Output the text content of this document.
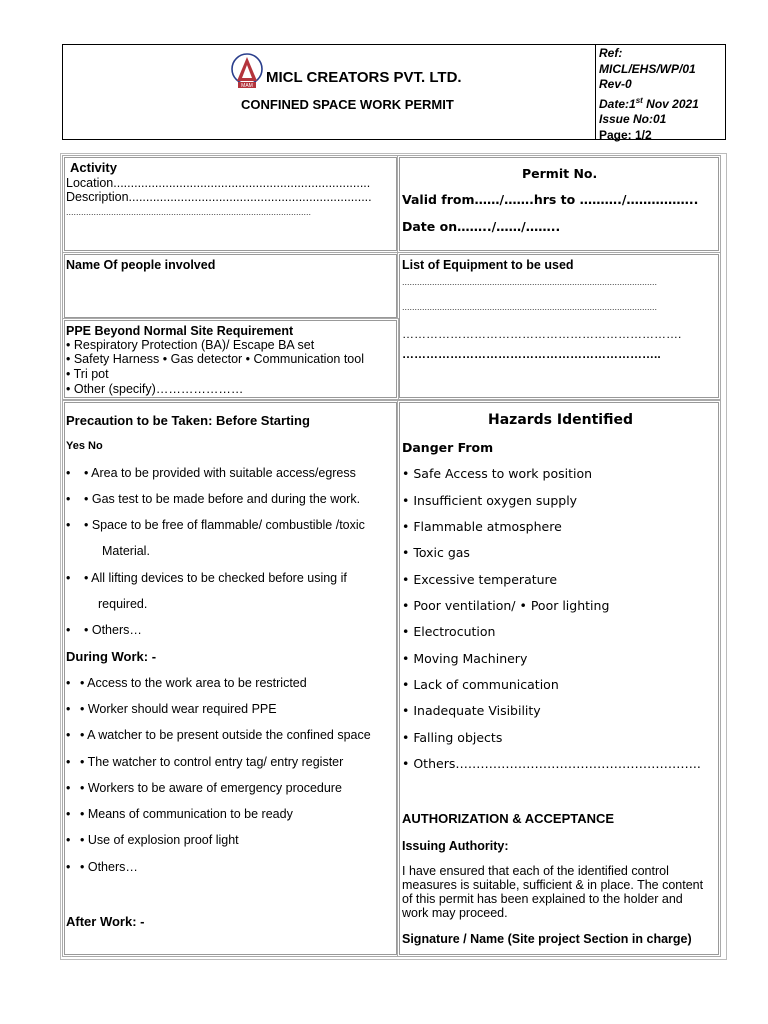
MAM MICL CREATORS PVT. LTD.
CONFINED SPACE WORK PERMIT
Ref:
MICL/EHS/WP/01
Rev-0
Date:1st Nov 2021
Issue No:01
Page: 1/2
Activity
Location..........................................................................
Description......................................................................
..................................................................................................
Permit No.
Valid from……/…….hrs to ………./……………..
Date on……../……/……..
Name Of people involved	List of Equipment to be used
......................................................................................................
......................................................................................................
…………………………………………………………….
………………………………………………………..
PPE Beyond Normal Site Requirement
• Respiratory Protection (BA)/ Escape BA set
• Safety Harness • Gas detector • Communication tool
• Tri pot
• Other (specify)…………………
Precaution to be Taken: Before Starting
Yes No
• • Area to be provided with suitable access/egress
• • Gas test to be made before and during the work.
• • Space to be free of flammable/ combustible /toxic
Material.
• • All lifting devices to be checked before using if
required.
• • Others…
During Work: -
• • Access to the work area to be restricted
• • Worker should wear required PPE
• • A watcher to be present outside the confined space
• • The watcher to control entry tag/ entry register
• • Workers to be aware of emergency procedure
• • Means of communication to be ready
• • Use of explosion proof light
• • Others…
After Work: -
Hazards Identified
Danger From
• Safe Access to work position
• Insufficient oxygen supply
• Flammable atmosphere
• Toxic gas
• Excessive temperature
• Poor ventilation/ • Poor lighting
• Electrocution
• Moving Machinery
• Lack of communication
• Inadequate Visibility
• Falling objects
• Others…………………………………………………..
AUTHORIZATION & ACCEPTANCE
Issuing Authority:
I have ensured that each of the identified control
measures is suitable, sufficient & in place. The content
of this permit has been explained to the holder and
work may proceed.
Signature / Name (Site project Section in charge)
